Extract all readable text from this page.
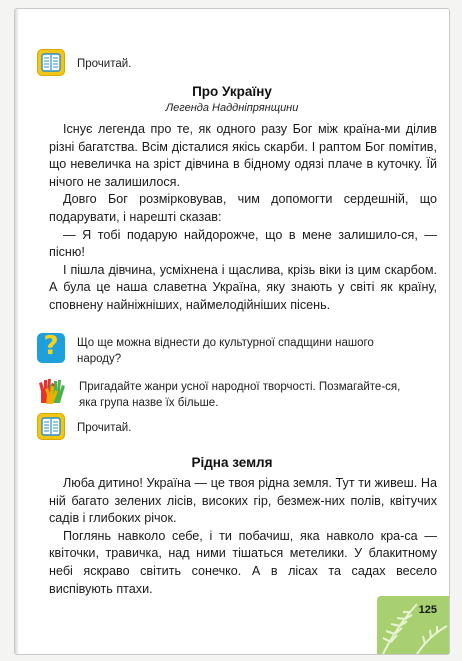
Прочитай.
Про Україну
Легенда Наддніпрянщини

Існує легенда про те, як одного разу Бог між країна-ми ділив різні багатства. Всім дісталися якісь скарби. І раптом Бог помітив, що невеличка на зріст дівчина в бідному одязі плаче в куточку. Їй нічого не залишилося.

Довго Бог розмірковував, чим допомогти сердешній, що подарувати, і нарешті сказав:

— Я тобі подарую найдорожче, що в мене залишило-ся, — пісню!

І пішла дівчина, усміхнена і щаслива, крізь віки із цим скарбом. А була це наша славетна Україна, яку знають у світі як країну, сповнену найніжніших, наймелодійніших пісень.

?	Що ще можна віднести до культурної спадщини нашого народу?
Пригадайте жанри усної народної творчості. Позмагайте-ся, яка група назве їх більше.
Прочитай.
Рідна земля

Люба дитино! Україна — це твоя рідна земля. Тут ти живеш. На ній багато зелених лісів, високих гір, безмеж-них полів, квітучих садів і глибоких річок.

Поглянь навколо себе, і ти побачиш, яка навколо кра-са — квіточки, травичка, над ними тішаться метелики. У блакитному небі яскраво світить сонечко. А в лісах та садах весело виспівують птахи.

125
